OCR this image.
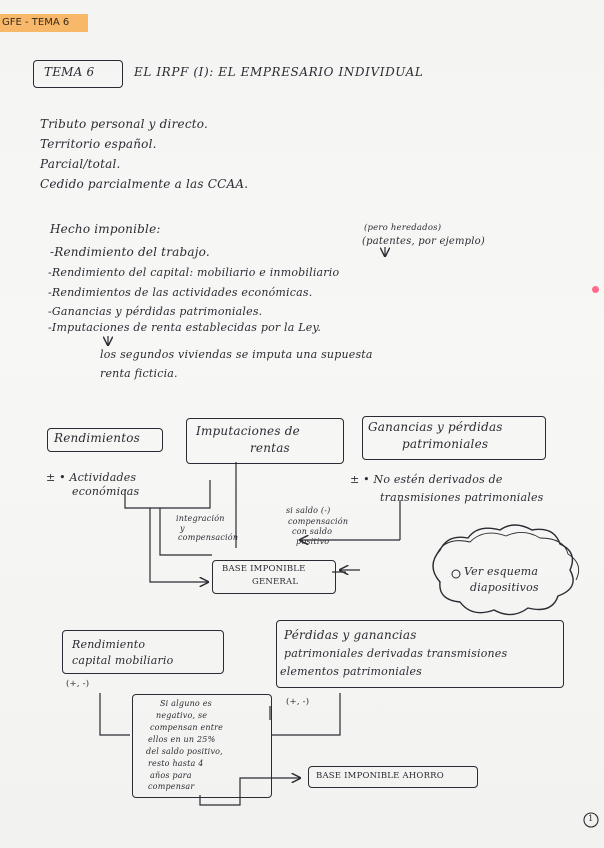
GFE - TEMA 6
TEMA 6	EL IRPF (I): EL EMPRESARIO INDIVIDUAL
Tributo personal y directo.
Territorio español.
Parcial/total.
Cedido parcialmente a las CCAA.
Hecho imponible:	(pero heredados)
(patentes, por ejemplo)
-Rendimiento del trabajo.
-Rendimiento del capital: mobiliario e inmobiliario
-Rendimientos de las actividades económicas.
-Ganancias y pérdidas patrimoniales.
-Imputaciones de renta establecidas por la Ley.
los segundos viviendas se imputa una supuesta
renta ficticia.
Rendimientos	Imputaciones de
rentas
Ganancias y pérdidas
patrimoniales
± • Actividades
económicas
± • No estén derivados de
transmisiones patrimoniales
integración
y
compensación
si saldo (-)
compensación
con saldo
positivo
BASE IMPONIBLE
GENERAL
Ver esquema
diapositivos
Rendimiento
capital mobiliario
Pérdidas y ganancias
patrimoniales derivadas transmisiones
elementos patrimoniales
(+, -)
(+, -)
Si alguno es
negativo, se
compensan entre
ellos en un 25%
del saldo positivo,
resto hasta 4
años para
compensar
BASE IMPONIBLE AHORRO
1
